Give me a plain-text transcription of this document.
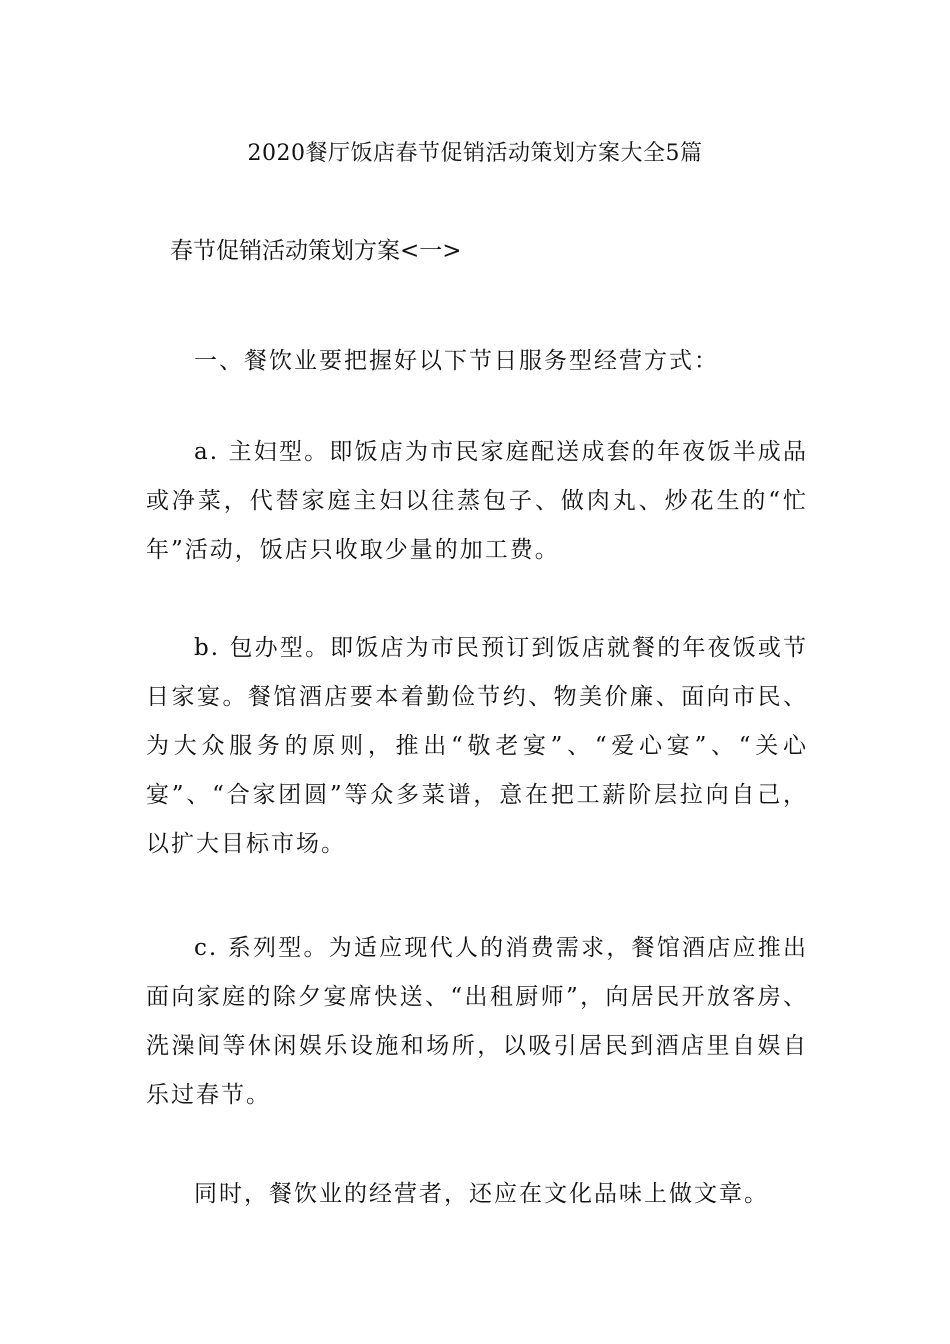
2020餐厅饭店春节促销活动策划方案大全5篇
春节促销活动策划方案<一>

一、餐饮业要把握好以下节日服务型经营方式：

a. 主妇型。即饭店为市民家庭配送成套的年夜饭半成品或净菜，代替家庭主妇以往蒸包子、做肉丸、炒花生的“忙年”活动，饭店只收取少量的加工费。

b. 包办型。即饭店为市民预订到饭店就餐的年夜饭或节日家宴。餐馆酒店要本着勤俭节约、物美价廉、面向市民、为大众服务的原则，推出“敬老宴”、“爱心宴”、“关心宴”、“合家团圆”等众多菜谱，意在把工薪阶层拉向自己，以扩大目标市场。

c. 系列型。为适应现代人的消费需求，餐馆酒店应推出面向家庭的除夕宴席快送、“出租厨师”，向居民开放客房、洗澡间等休闲娱乐设施和场所，以吸引居民到酒店里自娱自乐过春节。

同时，餐饮业的经营者，还应在文化品味上做文章。
